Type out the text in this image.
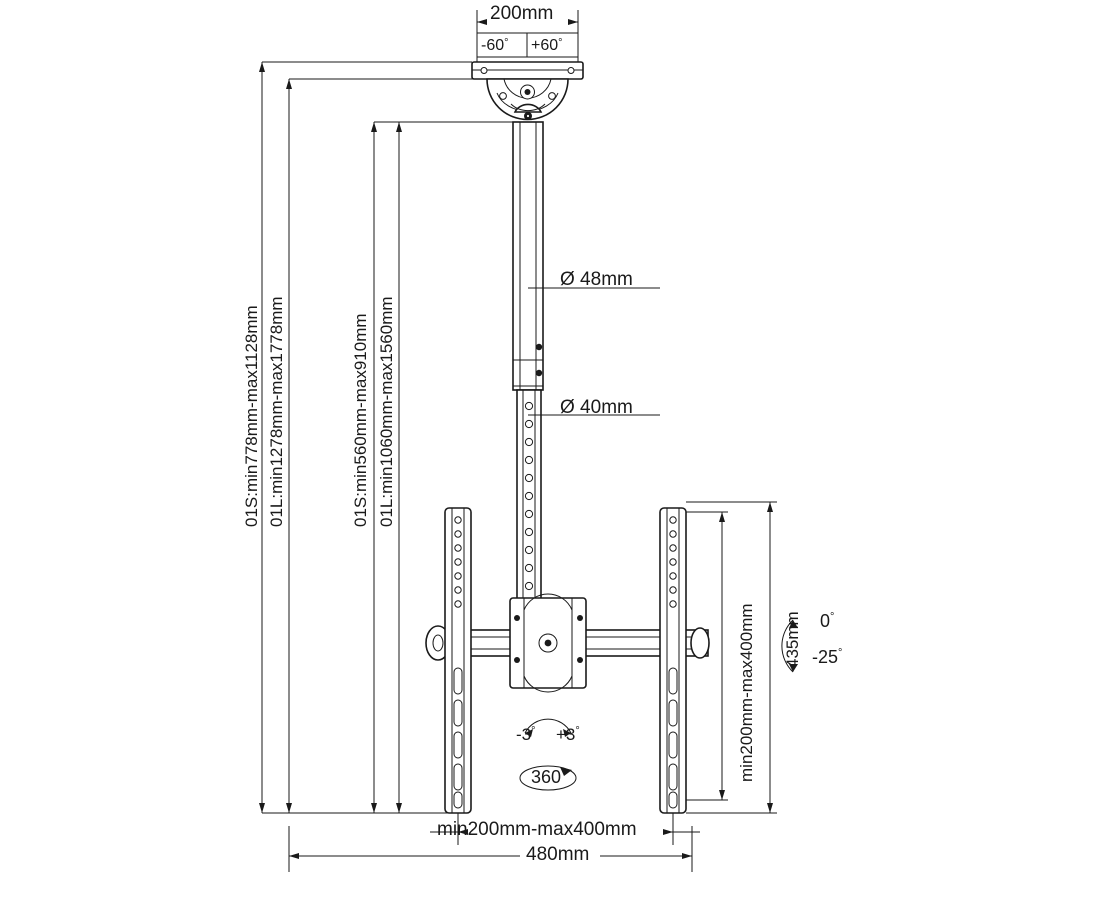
200mm
-60° +60°
Ø 48mm
Ø 40mm
01S:min778mm-max1128mm 01L:min1278mm-max1778mm	01S:min560mm-max910mm 01L:min1060mm-max1560mm
min200mm-max400mm 435mm 0°
-25°
-3° +3°
360
min200mm-max400mm
480mm
